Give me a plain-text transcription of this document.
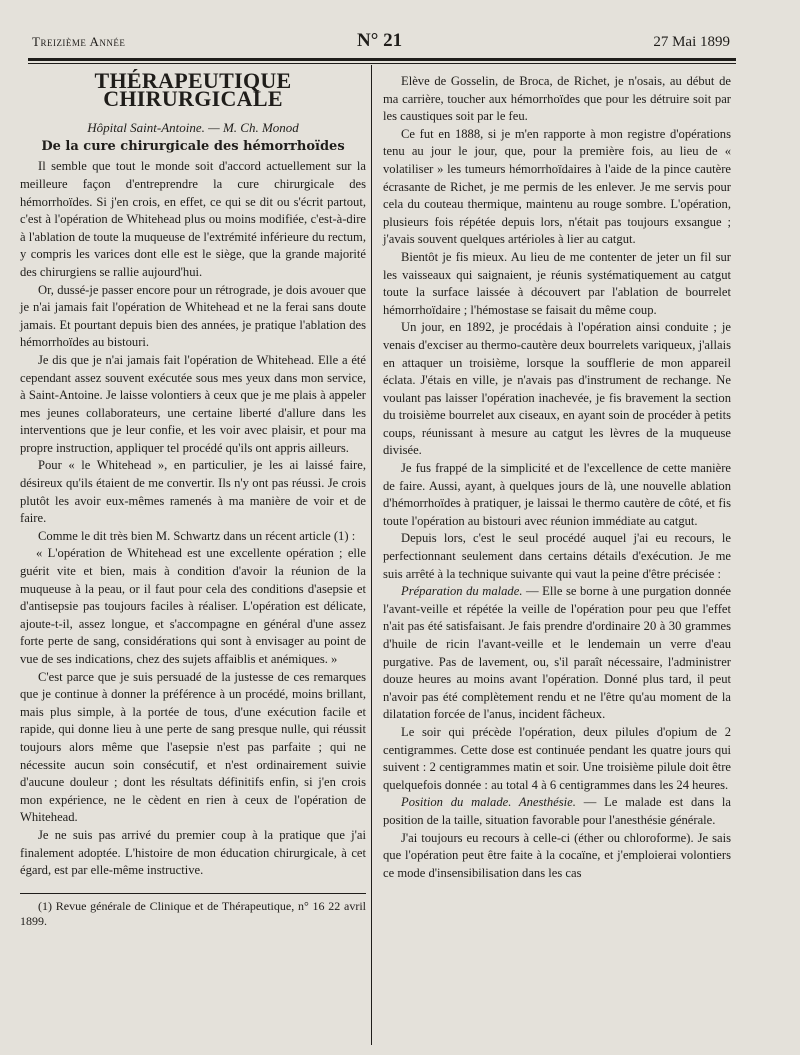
Treizième Année	N° 21	27 Mai 1899
THÉRAPEUTIQUE CHIRURGICALE
Hôpital Saint-Antoine. — M. Ch. Monod
De la cure chirurgicale des hémorrhoïdes

Il semble que tout le monde soit d'accord actuellement sur la meilleure façon d'entreprendre la cure chirurgicale des hémorrhoïdes. Si j'en crois, en effet, ce qui se dit ou s'écrit partout, c'est à l'opération de Whitehead plus ou moins modifiée, c'est-à-dire à l'ablation de toute la muqueuse de l'extrémité inférieure du rectum, y compris les varices dont elle est le siège, que la grande majorité des chirurgiens se rallie aujourd'hui.

Or, dussé-je passer encore pour un rétrograde, je dois avouer que je n'ai jamais fait l'opération de Whitehead et ne la ferai sans doute jamais. Et pourtant depuis bien des années, je pratique l'ablation des hémorrhoïdes au bistouri.

Je dis que je n'ai jamais fait l'opération de Whitehead. Elle a été cependant assez souvent exécutée sous mes yeux dans mon service, à Saint-Antoine. Je laisse volontiers à ceux que je me plais à appeler mes jeunes collaborateurs, une certaine liberté d'allure dans les interventions que je leur confie, et les voir avec plaisir, et pour ma propre instruction, appliquer tel procédé qu'ils ont appris ailleurs.

Pour « le Whitehead », en particulier, je les ai laissé faire, désireux qu'ils étaient de me convertir. Ils n'y ont pas réussi. Je crois plutôt les avoir eux-mêmes ramenés à ma manière de voir et de faire.

Comme le dit très bien M. Schwartz dans un récent article (1) :

« L'opération de Whitehead est une excellente opération ; elle guérit vite et bien, mais à condition d'avoir la réunion de la muqueuse à la peau, or il faut pour cela des conditions d'asepsie et d'antisepsie pas toujours faciles à réaliser. L'opération est délicate, ajoute-t-il, assez longue, et s'accompagne en général d'une assez forte perte de sang, considérations qui sont à envisager au point de vue de ses indications, chez des sujets affaiblis et anémiques. »

C'est parce que je suis persuadé de la justesse de ces remarques que je continue à donner la préférence à un procédé, moins brillant, mais plus simple, à la portée de tous, d'une exécution facile et rapide, qui donne lieu à une perte de sang presque nulle, qui réussit toujours alors même que l'asepsie n'est pas parfaite ; qui ne nécessite aucun soin consécutif, et n'est ordinairement suivie d'aucune douleur ; dont les résultats définitifs enfin, si j'en crois mon expérience, ne le cèdent en rien à ceux de l'opération de Whitehead.

Je ne suis pas arrivé du premier coup à la pratique que j'ai finalement adoptée. L'histoire de mon éducation chirurgicale, à cet égard, est par elle-même instructive.

(1) Revue générale de Clinique et de Thérapeutique, n° 16 22 avril 1899.

Elève de Gosselin, de Broca, de Richet, je n'osais, au début de ma carrière, toucher aux hémorrhoïdes que pour les détruire soit par les caustiques soit par le feu.

Ce fut en 1888, si je m'en rapporte à mon registre d'opérations tenu au jour le jour, que, pour la première fois, au lieu de « volatiliser » les tumeurs hémorrhoïdaires à l'aide de la pince cautère écrasante de Richet, je me permis de les enlever. Je me servis pour cela du couteau thermique, maintenu au rouge sombre. L'opération, plusieurs fois répétée depuis lors, n'était pas toujours exsangue ; j'avais souvent quelques artérioles à lier au catgut.

Bientôt je fis mieux. Au lieu de me contenter de jeter un fil sur les vaisseaux qui saignaient, je réunis systématiquement au catgut toute la surface laissée à découvert par l'ablation de bourrelet hémorrhoïdaire ; l'hémostase se faisait du même coup.

Un jour, en 1892, je procédais à l'opération ainsi conduite ; je venais d'exciser au thermo-cautère deux bourrelets variqueux, j'allais en attaquer un troisième, lorsque la soufflerie de mon appareil éclata. J'étais en ville, je n'avais pas d'instrument de rechange. Ne voulant pas laisser l'opération inachevée, je fis bravement la section du troisième bourrelet aux ciseaux, en ayant soin de procéder à petits coups, réunissant à mesure au catgut les lèvres de la muqueuse divisée.

Je fus frappé de la simplicité et de l'excellence de cette manière de faire. Aussi, ayant, à quelques jours de là, une nouvelle ablation d'hémorrhoïdes à pratiquer, je laissai le thermo cautère de côté, et fis toute l'opération au bistouri avec réunion immédiate au catgut.

Depuis lors, c'est le seul procédé auquel j'ai eu recours, le perfectionnant seulement dans certains détails d'exécution. Je me suis arrêté à la technique suivante qui vaut la peine d'être précisée :

Préparation du malade. — Elle se borne à une purgation donnée l'avant-veille et répétée la veille de l'opération pour peu que l'effet n'ait pas été satisfaisant. Je fais prendre d'ordinaire 20 à 30 grammes d'huile de ricin l'avant-veille et le lendemain un verre d'eau purgative. Pas de lavement, ou, s'il paraît nécessaire, l'administrer douze heures au moins avant l'opération. Donné plus tard, il peut n'avoir pas été complètement rendu et ne l'être qu'au moment de la dilatation forcée de l'anus, incident fâcheux.

Le soir qui précède l'opération, deux pilules d'opium de 2 centigrammes. Cette dose est continuée pendant les quatre jours qui suivent : 2 centigrammes matin et soir. Une troisième pilule doit être quelquefois donnée : au total 4 à 6 centigrammes dans les 24 heures.

Position du malade. Anesthésie. — Le malade est dans la position de la taille, situation favorable pour l'anesthésie générale.

J'ai toujours eu recours à celle-ci (éther ou chloroforme). Je sais que l'opération peut être faite à la cocaïne, et j'emploierai volontiers ce mode d'insensibilisation dans les cas
